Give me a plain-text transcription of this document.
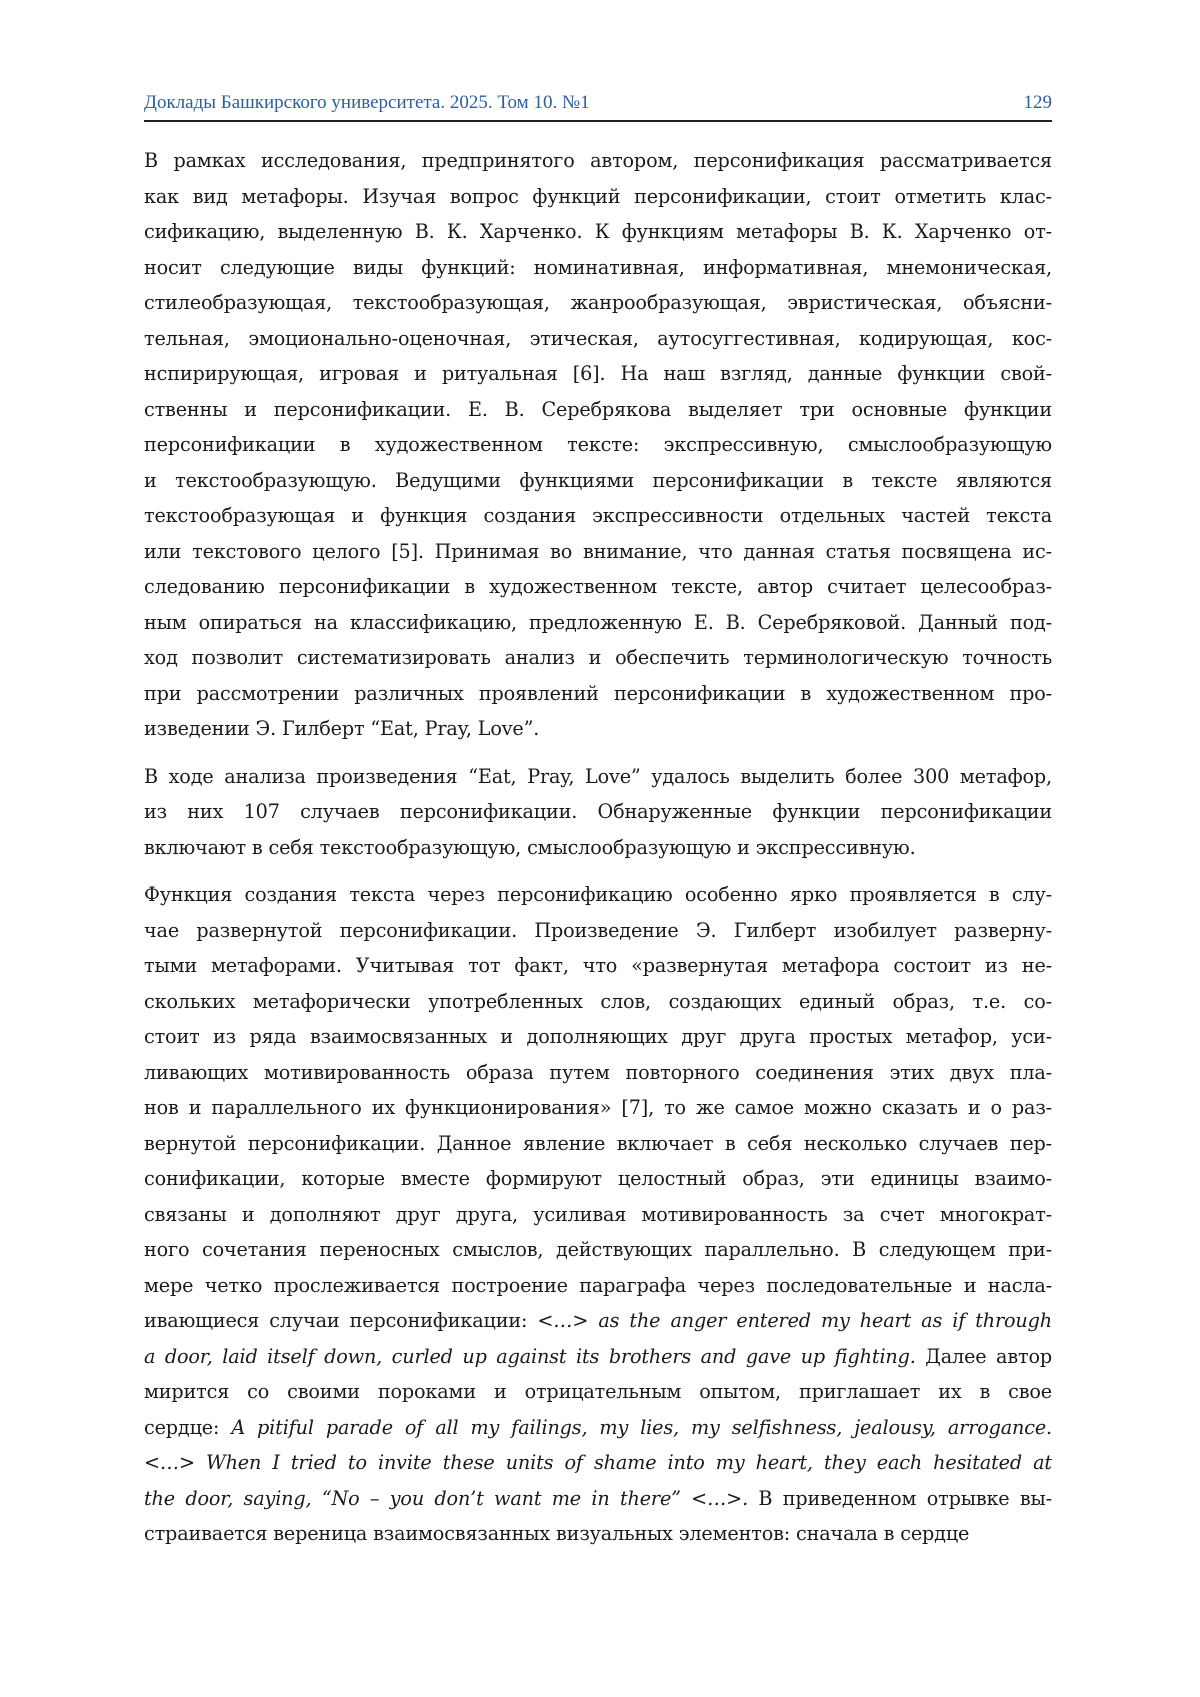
Доклады Башкирского университета. 2025. Том 10. №1	129
В рамках исследования, предпринятого автором, персонификация рассматривается
как вид метафоры. Изучая вопрос функций персонификации, стоит отметить клас-
сификацию, выделенную В. К. Харченко. К функциям метафоры В. К. Харченко от-
носит следующие виды функций: номинативная, информативная, мнемоническая,
стилеобразующая, текстообразующая, жанрообразующая, эвристическая, объясни-
тельная, эмоционально-оценочная, этическая, аутосуггестивная, кодирующая, кос-
нспирирующая, игровая и ритуальная [6]. На наш взгляд, данные функции свой-
ственны и персонификации. Е. В. Серебрякова выделяет три основные функции
персонификации в художественном тексте: экспрессивную, смыслообразующую
и текстообразующую. Ведущими функциями персонификации в тексте являются
текстообразующая и функция создания экспрессивности отдельных частей текста
или текстового целого [5]. Принимая во внимание, что данная статья посвящена ис-
следованию персонификации в художественном тексте, автор считает целесообраз-
ным опираться на классификацию, предложенную Е. В. Серебряковой. Данный под-
ход позволит систематизировать анализ и обеспечить терминологическую точность
при рассмотрении различных проявлений персонификации в художественном про-
изведении Э. Гилберт “Eat, Pray, Love”.
В ходе анализа произведения “Eat, Pray, Love” удалось выделить более 300 метафор,
из них 107 случаев персонификации. Обнаруженные функции персонификации
включают в себя текстообразующую, смыслообразующую и экспрессивную.
Функция создания текста через персонификацию особенно ярко проявляется в слу-
чае развернутой персонификации. Произведение Э. Гилберт изобилует разверну-
тыми метафорами. Учитывая тот факт, что «развернутая метафора состоит из не-
скольких метафорически употребленных слов, создающих единый образ, т.е. со-
стоит из ряда взаимосвязанных и дополняющих друг друга простых метафор, уси-
ливающих мотивированность образа путем повторного соединения этих двух пла-
нов и параллельного их функционирования» [7], то же самое можно сказать и о раз-
вернутой персонификации. Данное явление включает в себя несколько случаев пер-
сонификации, которые вместе формируют целостный образ, эти единицы взаимо-
связаны и дополняют друг друга, усиливая мотивированность за счет многократ-
ного сочетания переносных смыслов, действующих параллельно. В следующем при-
мере четко прослеживается построение параграфа через последовательные и насла-
ивающиеся случаи персонификации: <…> as the anger entered my heart as if through
a door, laid itself down, curled up against its brothers and gave up fighting. Далее автор
мирится со своими пороками и отрицательным опытом, приглашает их в свое
сердце: A pitiful parade of all my failings, my lies, my selfishness, jealousy, arrogance.
<…> When I tried to invite these units of shame into my heart, they each hesitated at
the door, saying, “No – you don’t want me in there” <…>. В приведенном отрывке вы-
страивается вереница взаимосвязанных визуальных элементов: сначала в сердце
